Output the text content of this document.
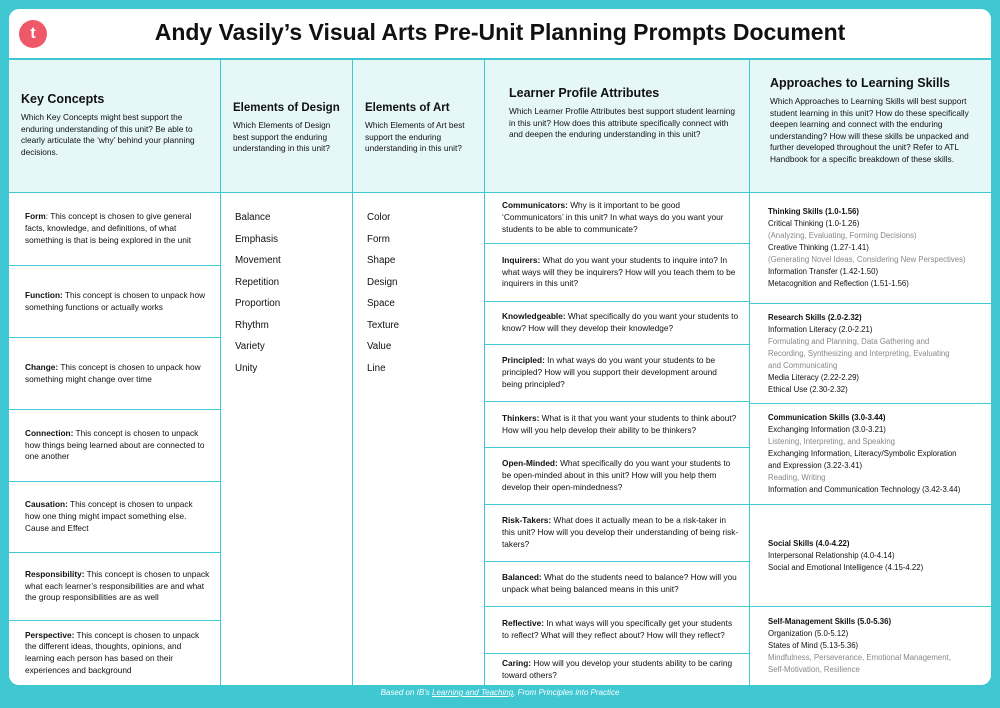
t	Andy Vasily’s Visual Arts Pre-Unit Planning Prompts Document
Key Concepts

Which Key Concepts might best support the enduring understanding of this unit? Be able to clearly articulate the ‘why’ behind your planning decisions.

Elements of Design

Which Elements of Design best support the enduring understanding in this unit?

Elements of Art

Which Elements of Art best support the enduring understanding in this unit?

Learner Profile Attributes

Which Learner Profile Attributes best support student learning in this unit? How does this attribute specifically connect with and deepen the enduring understanding in this unit?

Approaches to Learning Skills

Which Approaches to Learning Skills will best support student learning in this unit? How do these specifically deepen learning and connect with the enduring understanding? How will these skills be unpacked and further developed throughout the unit? Refer to ATL Handbook for a specific breakdown of these skills.

Form: This concept is chosen to give general facts, knowledge, and definitions, of what something is that is being explored in the unit
Function: This concept is chosen to unpack how something functions or actually works
Change: This concept is chosen to unpack how something might change over time
Connection: This concept is chosen to unpack how things being learned about are connected to one another
Causation: This concept is chosen to unpack how one thing might impact something else. Cause and Effect
Responsibility: This concept is chosen to unpack what each learner’s responsibilities are and what the group responsibilities are as well
Perspective: This concept is chosen to unpack the different ideas, thoughts, opinions, and learning each person has based on their experiences and background
Balance
Emphasis
Movement
Repetition
Proportion
Rhythm
Variety
Unity
Color
Form
Shape
Design
Space
Texture
Value
Line
Communicators: Why is it important to be good ‘Communicators’ in this unit? In what ways do you want your students to be able to communicate?
Inquirers: What do you want your students to inquire into? In what ways will they be inquirers? How will you teach them to be inquirers in this unit?
Knowledgeable: What specifically do you want your students to know? How will they develop their knowledge?
Principled: In what ways do you want your students to be principled? How will you support their development around being principled?
Thinkers: What is it that you want your students to think about? How will you help develop their ability to be thinkers?
Open-Minded: What specifically do you want your students to be open-minded about in this unit? How will you help them develop their open-mindedness?
Risk-Takers: What does it actually mean to be a risk-taker in this unit? How will you develop their understanding of being risk-takers?
Balanced: What do the students need to balance? How will you unpack what being balanced means in this unit?
Reflective: In what ways will you specifically get your students to reflect? What will they reflect about? How will they reflect?
Caring: How will you develop your students ability to be caring toward others?
Thinking Skills (1.0-1.56)
Critical Thinking (1.0-1.26)
(Analyzing, Evaluating, Forming Decisions)
Creative Thinking (1.27-1.41)
(Generating Novel Ideas, Considering New Perspectives)
Information Transfer (1.42-1.50)
Metacognition and Reflection (1.51-1.56)
Research Skills (2.0-2.32)
Information Literacy (2.0-2.21)
Formulating and Planning, Data Gathering and
Recording, Synthesizing and Interpreting, Evaluating
and Communicating
Media Literacy (2.22-2.29)
Ethical Use (2.30-2.32)
Communication Skills (3.0-3.44)
Exchanging Information (3.0-3.21)
Listening, Interpreting, and Speaking
Exchanging Information, Literacy/Symbolic Exploration
and Expression (3.22-3.41)
Reading, Writing
Information and Communication Technology (3.42-3.44)
Social Skills (4.0-4.22)
Interpersonal Relationship (4.0-4.14)
Social and Emotional Intelligence (4.15-4.22)
Self-Management Skills (5.0-5.36)
Organization (5.0-5.12)
States of Mind (5.13-5.36)
Mindfulness, Perseverance, Emotional Management,
Self-Motivation, Resilience
Based on IB’s Learning and Teaching, From Principles into Practice
